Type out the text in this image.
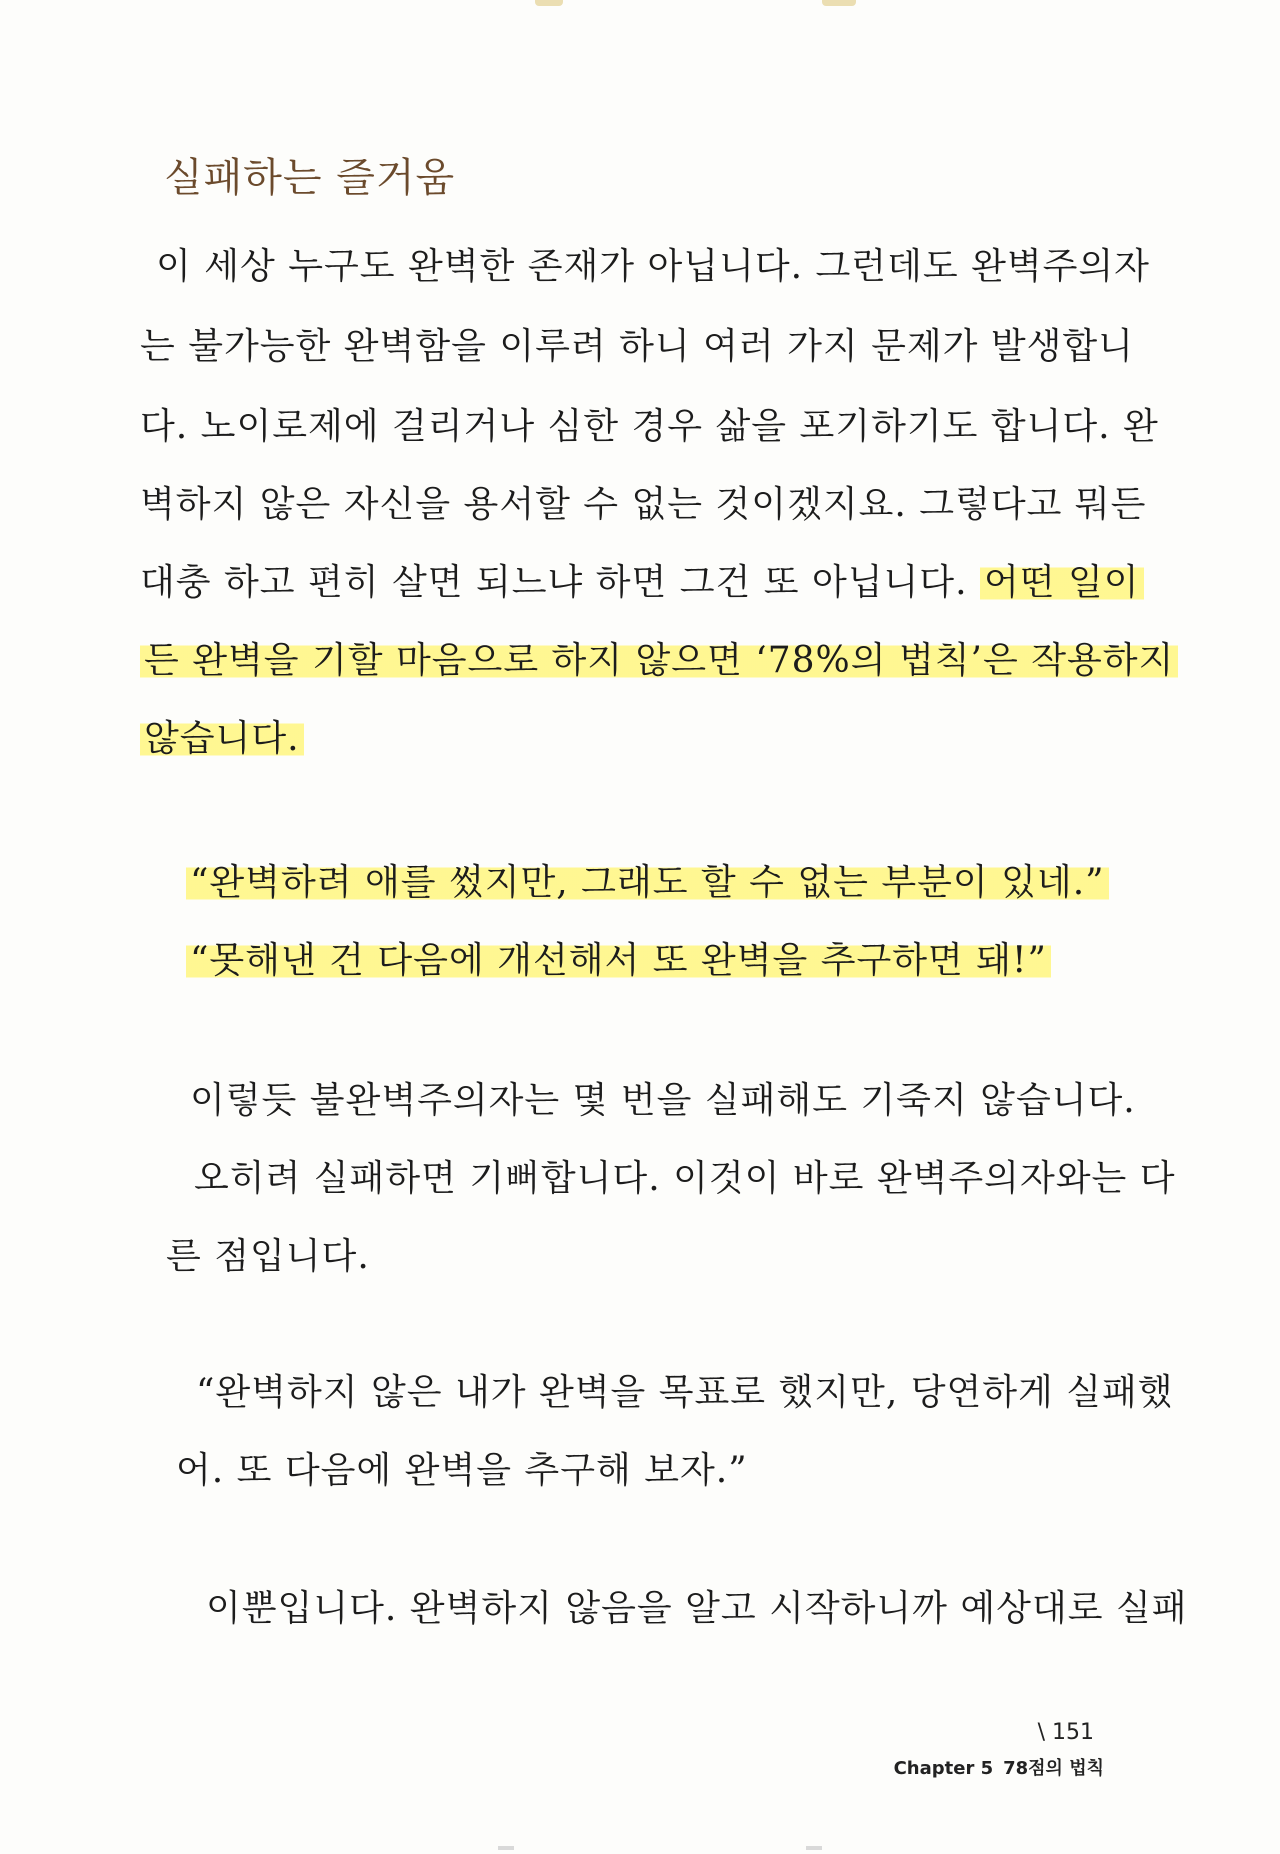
실패하는 즐거움
이 세상 누구도 완벽한 존재가 아닙니다. 그런데도 완벽주의자
는 불가능한 완벽함을 이루려 하니 여러 가지 문제가 발생합니
다. 노이로제에 걸리거나 심한 경우 삶을 포기하기도 합니다. 완
벽하지 않은 자신을 용서할 수 없는 것이겠지요. 그렇다고 뭐든
대충 하고 편히 살면 되느냐 하면 그건 또 아닙니다. 어떤 일이
든 완벽을 기할 마음으로 하지 않으면 ‘78%의 법칙’은 작용하지
않습니다.
“완벽하려 애를 썼지만, 그래도 할 수 없는 부분이 있네.”
“못해낸 건 다음에 개선해서 또 완벽을 추구하면 돼!”
이렇듯 불완벽주의자는 몇 번을 실패해도 기죽지 않습니다.
오히려 실패하면 기뻐합니다. 이것이 바로 완벽주의자와는 다
른 점입니다.
“완벽하지 않은 내가 완벽을 목표로 했지만, 당연하게 실패했
어. 또 다음에 완벽을 추구해 보자.”
이뿐입니다. 완벽하지 않음을 알고 시작하니까 예상대로 실패

\ 151

Chapter 5 78점의 법칙
